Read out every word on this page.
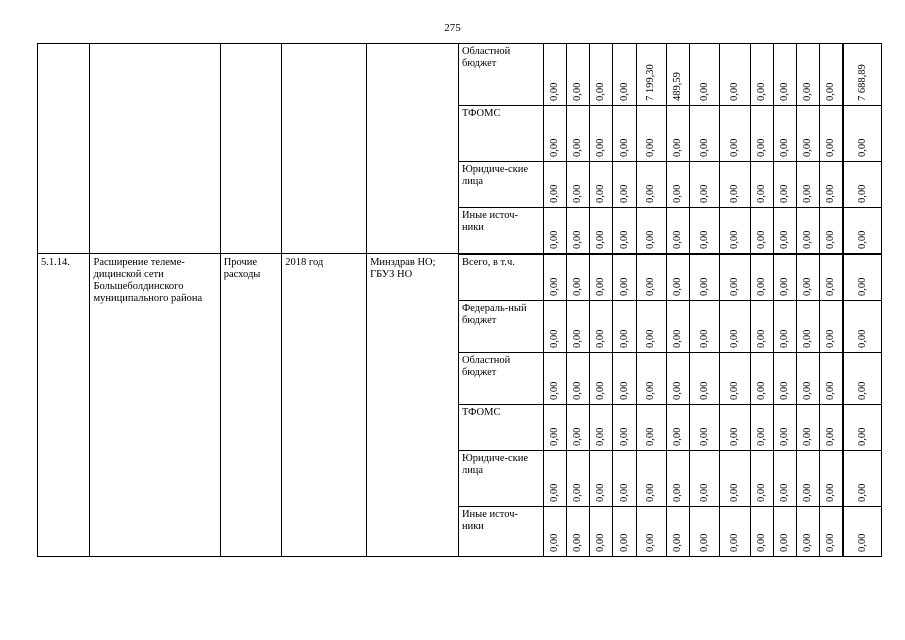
275
					Областной бюджет	0,00	0,00	0,00	0,00	7 199,30	489,59	0,00	0,00	0,00	0,00	0,00	0,00	7 688,89

					ТФОМС	0,00	0,00	0,00	0,00	0,00	0,00	0,00	0,00	0,00	0,00	0,00	0,00	0,00

					Юридиче-ские лица	0,00	0,00	0,00	0,00	0,00	0,00	0,00	0,00	0,00	0,00	0,00	0,00	0,00

					Иные источ-ники	0,00	0,00	0,00	0,00	0,00	0,00	0,00	0,00	0,00	0,00	0,00	0,00	0,00

5.1.14.	Расширение телеме-дицинской сети Большеболдинского муниципального района	Прочие расходы	2018 год	Минздрав НО; ГБУЗ НО	Всего, в т.ч.	0,00	0,00	0,00	0,00	0,00	0,00	0,00	0,00	0,00	0,00	0,00	0,00	0,00

					Федераль-ный бюджет	0,00	0,00	0,00	0,00	0,00	0,00	0,00	0,00	0,00	0,00	0,00	0,00	0,00

					Областной бюджет	0,00	0,00	0,00	0,00	0,00	0,00	0,00	0,00	0,00	0,00	0,00	0,00	0,00

					ТФОМС	0,00	0,00	0,00	0,00	0,00	0,00	0,00	0,00	0,00	0,00	0,00	0,00	0,00

					Юридиче-ские лица	0,00	0,00	0,00	0,00	0,00	0,00	0,00	0,00	0,00	0,00	0,00	0,00	0,00

					Иные источ-ники	0,00	0,00	0,00	0,00	0,00	0,00	0,00	0,00	0,00	0,00	0,00	0,00	0,00
